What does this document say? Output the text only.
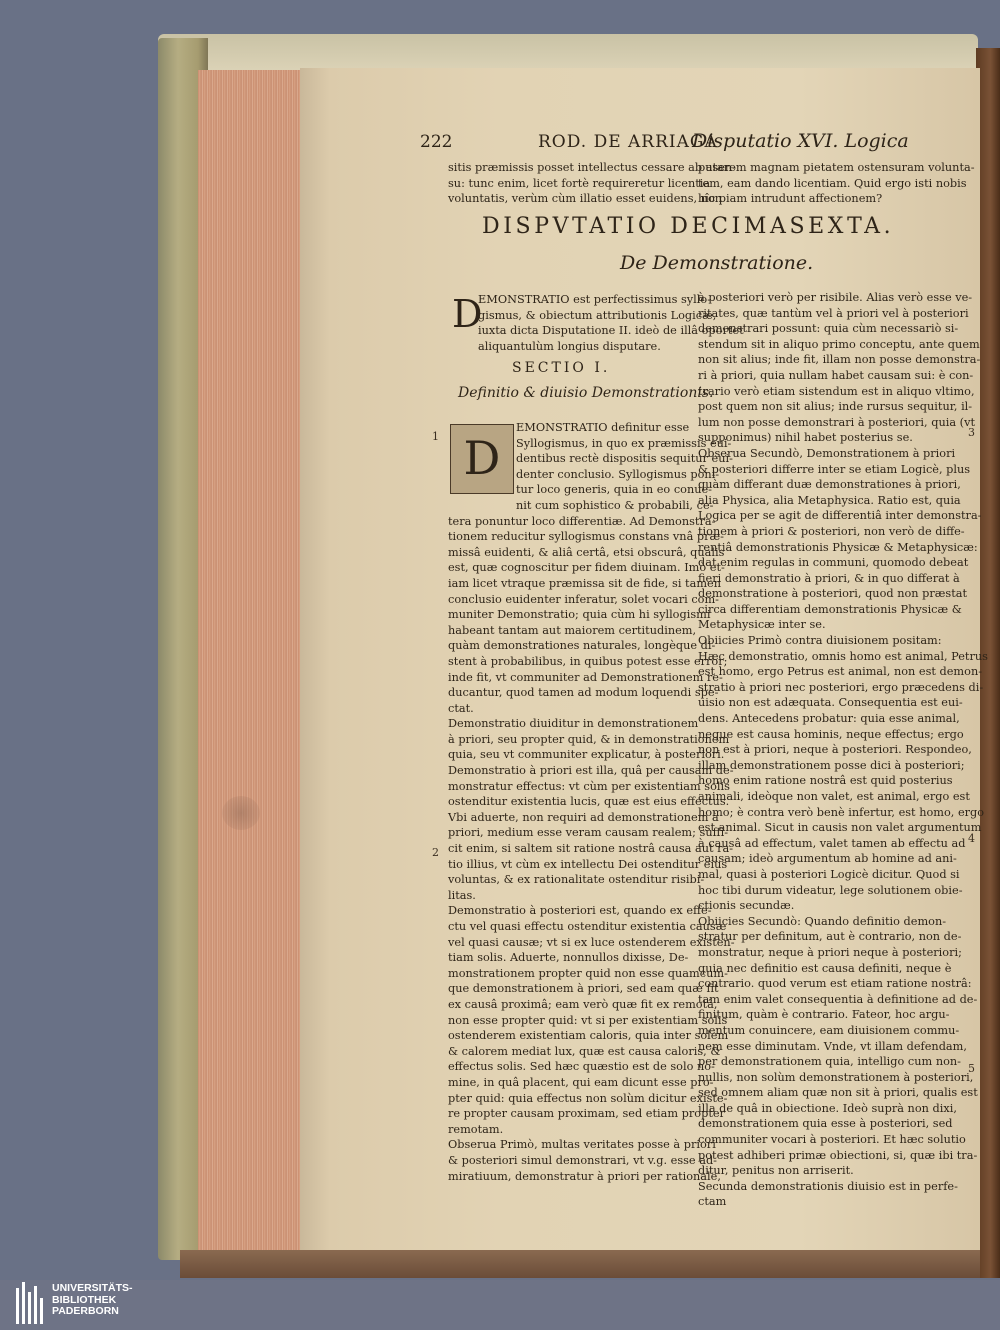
222	ROD. DE ARRIAGA
Disputatio XVI. Logica
sitis præmissis posset intellectus cessare ab asen-
su: tunc enim, licet fortè requireretur licentia
voluntatis, verùm cùm illatio esset euidens, non
putarem magnam pietatem ostensuram volunta-
tem, eam dando licentiam. Quid ergo isti nobis
hîc piam intrudunt affectionem?
DISPVTATIO DECIMASEXTA.
De Demonstratione.
D
EMONSTRATIO est perfectissimus syllo-
gismus, & obiectum attributionis Logicæ,
iuxta dicta Disputatione II. ideò de illâ oportet
aliquantulùm longius disputare.
SECTIO I.
Definitio & diuisio Demonstrationis.
D
EMONSTRATIO definitur esse
Syllogismus, in quo ex præmissis eui-
dentibus rectè dispositis sequitur eui-
denter conclusio. Syllogismus poni-
tur loco generis, quia in eo conue-
nit cum sophistico & probabili, ce-
tera ponuntur loco differentiæ. Ad Demonstra-
tionem reducitur syllogismus constans vnâ præ-
missâ euidenti, & aliâ certâ, etsi obscurâ, qualis
est, quæ cognoscitur per fidem diuinam. Imò et-
iam licet vtraque præmissa sit de fide, si tamen
conclusio euidenter inferatur, solet vocari com-
muniter Demonstratio; quia cùm hi syllogismi
habeant tantam aut maiorem certitudinem,
quàm demonstrationes naturales, longèque di-
stent à probabilibus, in quibus potest esse error;
inde fit, vt communiter ad Demonstrationem re-
ducantur, quod tamen ad modum loquendi spe-
ctat.
Demonstratio diuiditur in demonstrationem
à priori, seu propter quid, & in demonstrationem
quia, seu vt communiter explicatur, à posteriori.
Demonstratio à priori est illa, quâ per causam de-
monstratur effectus: vt cùm per existentiam solis
ostenditur existentia lucis, quæ est eius effectus.
Vbi aduerte, non requiri ad demonstrationem à
priori, medium esse veram causam realem; suffi-
cit enim, si saltem sit ratione nostrâ causa aut ra-
tio illius, vt cùm ex intellectu Dei ostenditur eius
voluntas, & ex rationalitate ostenditur risibi-
litas.
Demonstratio à posteriori est, quando ex effe-
ctu vel quasi effectu ostenditur existentia causæ
vel quasi causæ; vt si ex luce ostenderem existen-
tiam solis. Aduerte, nonnullos dixisse, De-
monstrationem propter quid non esse quamcum-
que demonstrationem à priori, sed eam quæ fit
ex causâ proximâ; eam verò quæ fit ex remotâ,
non esse propter quid: vt si per existentiam solis
ostenderem existentiam caloris, quia inter solem
& calorem mediat lux, quæ est causa caloris, &
effectus solis. Sed hæc quæstio est de solo no-
mine, in quâ placent, qui eam dicunt esse pro-
pter quid: quia effectus non solùm dicitur existe-
re propter causam proximam, sed etiam propter
remotam.
Obserua Primò, multas veritates posse à priori
& posteriori simul demonstrari, vt v.g. esse ad-
miratiuum, demonstratur à priori per rationale,
à posteriori verò per risibile. Alias verò esse ve-
ritates, quæ tantùm vel à priori vel à posteriori
demonstrari possunt: quia cùm necessariò si-
stendum sit in aliquo primo conceptu, ante quem
non sit alius; inde fit, illam non posse demonstra-
ri à priori, quia nullam habet causam sui: è con-
trario verò etiam sistendum est in aliquo vltimo,
post quem non sit alius; inde rursus sequitur, il-
lum non posse demonstrari à posteriori, quia (vt
supponimus) nihil habet posterius se.
Obserua Secundò, Demonstrationem à priori
& posteriori differre inter se etiam Logicè, plus
quàm differant duæ demonstrationes à priori,
alia Physica, alia Metaphysica. Ratio est, quia
Logica per se agit de differentiâ inter demonstra-
tionem à priori & posteriori, non verò de diffe-
rentiâ demonstrationis Physicæ & Metaphysicæ:
dat enim regulas in communi, quomodo debeat
fieri demonstratio à priori, & in quo differat à
demonstratione à posteriori, quod non præstat
circa differentiam demonstrationis Physicæ &
Metaphysicæ inter se.
Obiicies Primò contra diuisionem positam:
Hæc demonstratio, omnis homo est animal, Petrus
est homo, ergo Petrus est animal, non est demon-
stratio à priori nec posteriori, ergo præcedens di-
uisio non est adæquata. Consequentia est eui-
dens. Antecedens probatur: quia esse animal,
neque est causa hominis, neque effectus; ergo
non est à priori, neque à posteriori. Respondeo,
illam demonstrationem posse dici à posteriori;
homo enim ratione nostrâ est quid posterius
animali, ideòque non valet, est animal, ergo est
homo; è contra verò benè infertur, est homo, ergo
est animal. Sicut in causis non valet argumentum
à causâ ad effectum, valet tamen ab effectu ad
causam; ideò argumentum ab homine ad ani-
mal, quasi à posteriori Logicè dicitur. Quod si
hoc tibi durum videatur, lege solutionem obie-
ctionis secundæ.
Obiicies Secundò: Quando definitio demon-
stratur per definitum, aut è contrario, non de-
monstratur, neque à priori neque à posteriori;
quia nec definitio est causa definiti, neque è
contrario. quod verum est etiam ratione nostrâ:
tam enim valet consequentia à definitione ad de-
finitum, quàm è contrario. Fateor, hoc argu-
mentum conuincere, eam diuisionem commu-
nem esse diminutam. Vnde, vt illam defendam,
per demonstrationem quia, intelligo cum non-
nullis, non solùm demonstrationem à posteriori,
sed omnem aliam quæ non sit à priori, qualis est
illa de quâ in obiectione. Ideò suprà non dixi,
demonstrationem quia esse à posteriori, sed
communiter vocari à posteriori. Et hæc solutio
potest adhiberi primæ obiectioni, si, quæ ibi tra-
ditur, penitus non arriserit.
Secunda demonstrationis diuisio est in perfe-
ctam
1
2
3
4
5
UNIVERSITÄTS-
BIBLIOTHEK
PADERBORN
